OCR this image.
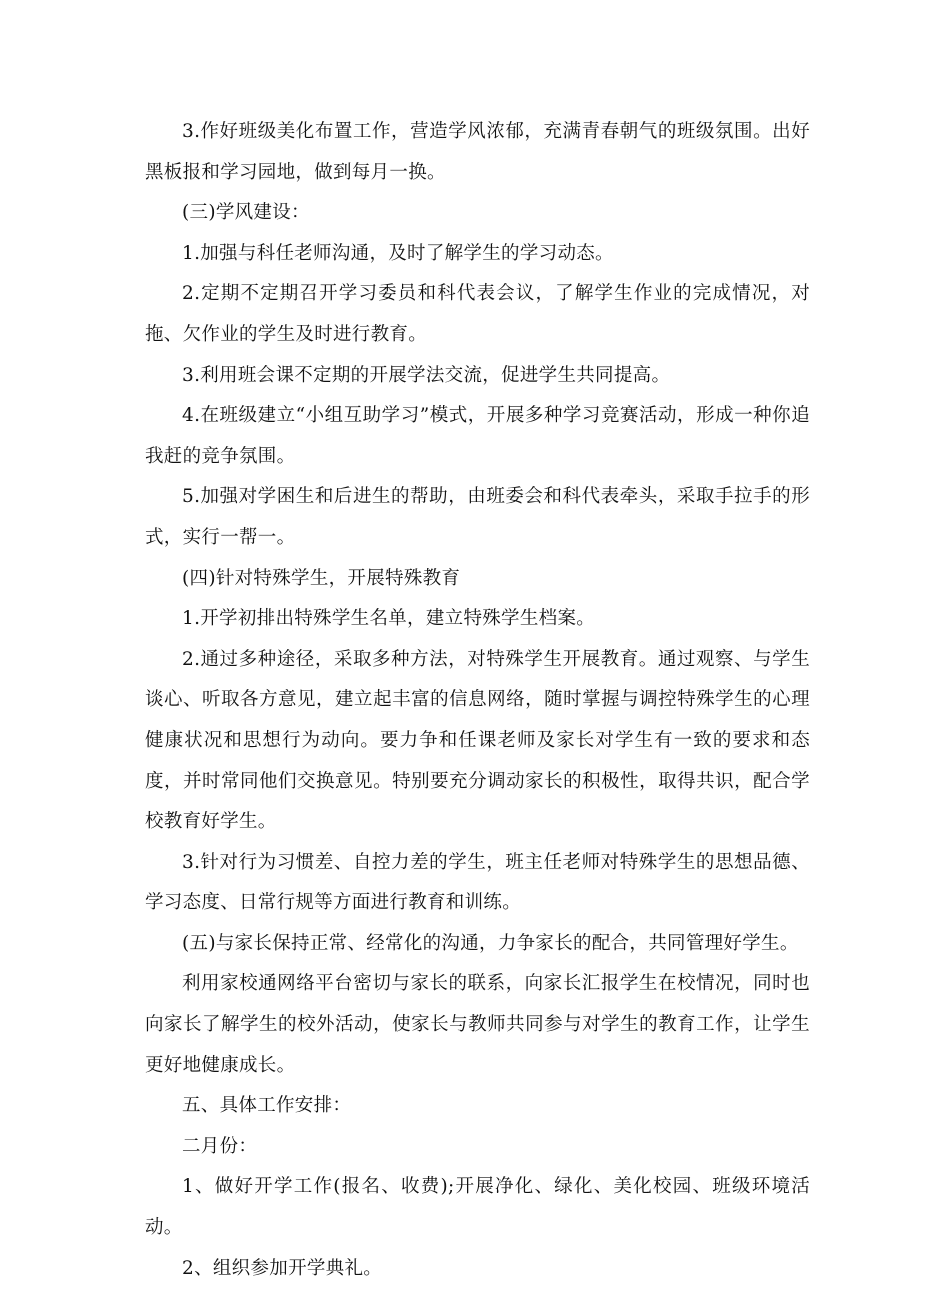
3.作好班级美化布置工作，营造学风浓郁，充满青春朝气的班级氛围。出好黑板报和学习园地，做到每月一换。

(三)学风建设：

1.加强与科任老师沟通，及时了解学生的学习动态。

2.定期不定期召开学习委员和科代表会议，了解学生作业的完成情况，对拖、欠作业的学生及时进行教育。

3.利用班会课不定期的开展学法交流，促进学生共同提高。

4.在班级建立“小组互助学习”模式，开展多种学习竞赛活动，形成一种你追我赶的竞争氛围。

5.加强对学困生和后进生的帮助，由班委会和科代表牵头，采取手拉手的形式，实行一帮一。

(四)针对特殊学生，开展特殊教育

1.开学初排出特殊学生名单，建立特殊学生档案。

2.通过多种途径，采取多种方法，对特殊学生开展教育。通过观察、与学生谈心、听取各方意见，建立起丰富的信息网络，随时掌握与调控特殊学生的心理健康状况和思想行为动向。要力争和任课老师及家长对学生有一致的要求和态度，并时常同他们交换意见。特别要充分调动家长的积极性，取得共识，配合学校教育好学生。

3.针对行为习惯差、自控力差的学生，班主任老师对特殊学生的思想品德、学习态度、日常行规等方面进行教育和训练。

(五)与家长保持正常、经常化的沟通，力争家长的配合，共同管理好学生。

利用家校通网络平台密切与家长的联系，向家长汇报学生在校情况，同时也向家长了解学生的校外活动，使家长与教师共同参与对学生的教育工作，让学生更好地健康成长。

五、具体工作安排：

二月份：

1、做好开学工作(报名、收费);开展净化、绿化、美化校园、班级环境活动。

2、组织参加开学典礼。
